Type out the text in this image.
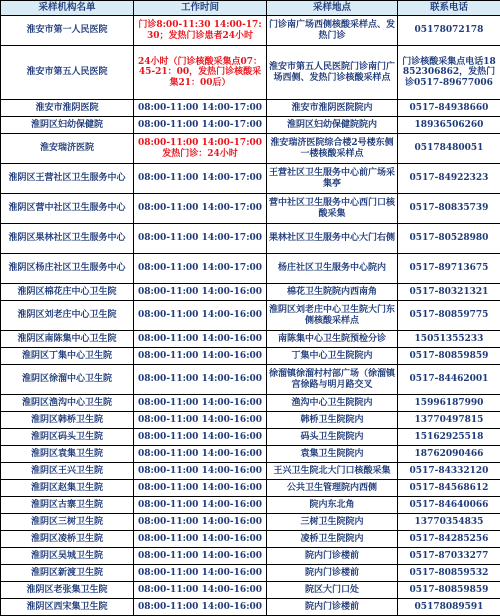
采样机构名单	工作时间	采样地点	联系电话
淮安市第一人民医院	门诊8:00-11:30 14:00-17:30；发热门诊患者24小时	门诊南广场西侧核酸采样点、发热门诊	05178072178
淮安市第五人民医院	24小时（门诊核酸采集点07：45-21：00，发热门诊核酸采集21：00后）	淮安市第五人民医院门诊南门广场西侧、发热门诊核酸采样点	门诊核酸采集点电话18852306862，发热门诊0517-89677006
淮安市淮阴医院	08:00-11:00 14:00-17:00	淮安市淮阴医院院内	0517-84938660
淮阴区妇幼保健院	08:00-11:00 14:00-17:00	淮阴区妇幼保健院院内	18936506260
淮安瑞济医院	08:00-11:00 14:00-17:00 发热门诊：24小时	淮安瑞济医院综合楼2号楼东侧一楼核酸采样点	05178480051
淮阴区王营社区卫生服务中心	08:00-11:00 14:00-17:00	王营社区卫生服务中心前广场采集亭	0517-84922323
淮阴区营中社区卫生服务中心	08:00-11:00 14:00-17:00	营中社区卫生服务中心西门口核酸采集	0517-80835739
淮阴区果林社区卫生服务中心	08:00-11:00 14:00-17:00	果林社区卫生服务中心大门右侧	0517-80528980
淮阴区杨庄社区卫生服务中心	08:00-11:00 14:00-17:00	杨庄社区卫生服务中心院内	0517-89713675
淮阴区棉花庄中心卫生院	08:00-11:00 14:00-16:00	棉花卫生院院内西南角	0517-80321321
淮阴区刘老庄中心卫生院	08:00-11:00 14:00-16:00	淮阴区刘老庄中心卫生院大门东侧核酸采样点	0517-80859775
淮阴区南陈集中心卫生院	08:00-11:00 14:00-16:00	南陈集中心卫生院预检分诊	15051355233
淮阴区丁集中心卫生院	08:00-11:00 14:00-16:00	丁集中心卫生院院内	0517-80859859
淮阴区徐溜中心卫生院	08:00-11:00 14:00-16:00	徐溜镇徐溜村村部广场（徐溜镇宫徐路与明月路交叉	0517-84462001
淮阴区渔沟中心卫生院	08:00-11:00 14:00-16:00	渔沟中心卫生院院内	15996187990
淮阴区韩桥卫生院	08:00-11:00 14:00-16:00	韩桥卫生院院内	13770497815
淮阴区码头卫生院	08:00-11:00 14:00-16:00	码头卫生院院内	15162925518
淮阴区袁集卫生院	08:00-11:00 14:00-16:00	袁集卫生院院内	18762090466
淮阴区王兴卫生院	08:00-11:00 14:00-16:00	王兴卫生院北大门口核酸采集	0517-84332120
淮阴区赵集卫生院	08:00-11:00 14:00-16:00	公共卫生管理院内西侧	0517-84568612
淮阴区古寨卫生院	08:00-11:00 14:00-16:00	院内东北角	0517-84640066
淮阴区三树卫生院	08:00-11:00 14:00-16:00	三树卫生院院内	13770354835
淮阴区凌桥卫生院	08:00-11:00 14:00-16:00	凌桥卫生院院内	0517-84285256
淮阴区吴城卫生院	08:00-11:00 14:00-16:00	院内门诊楼前	0517-87033277
淮阴区新渡卫生院	08:00-11:00 14:00-16:00	院内门诊楼前	0517-80859532
淮阴区老张集卫生院	08:00-11:00 14:00-16:00	院区大门口处	0517-80859859
淮阴区西宋集卫生院	08:00-11:00 14:00-16:00	院内门诊楼前	05178089591
